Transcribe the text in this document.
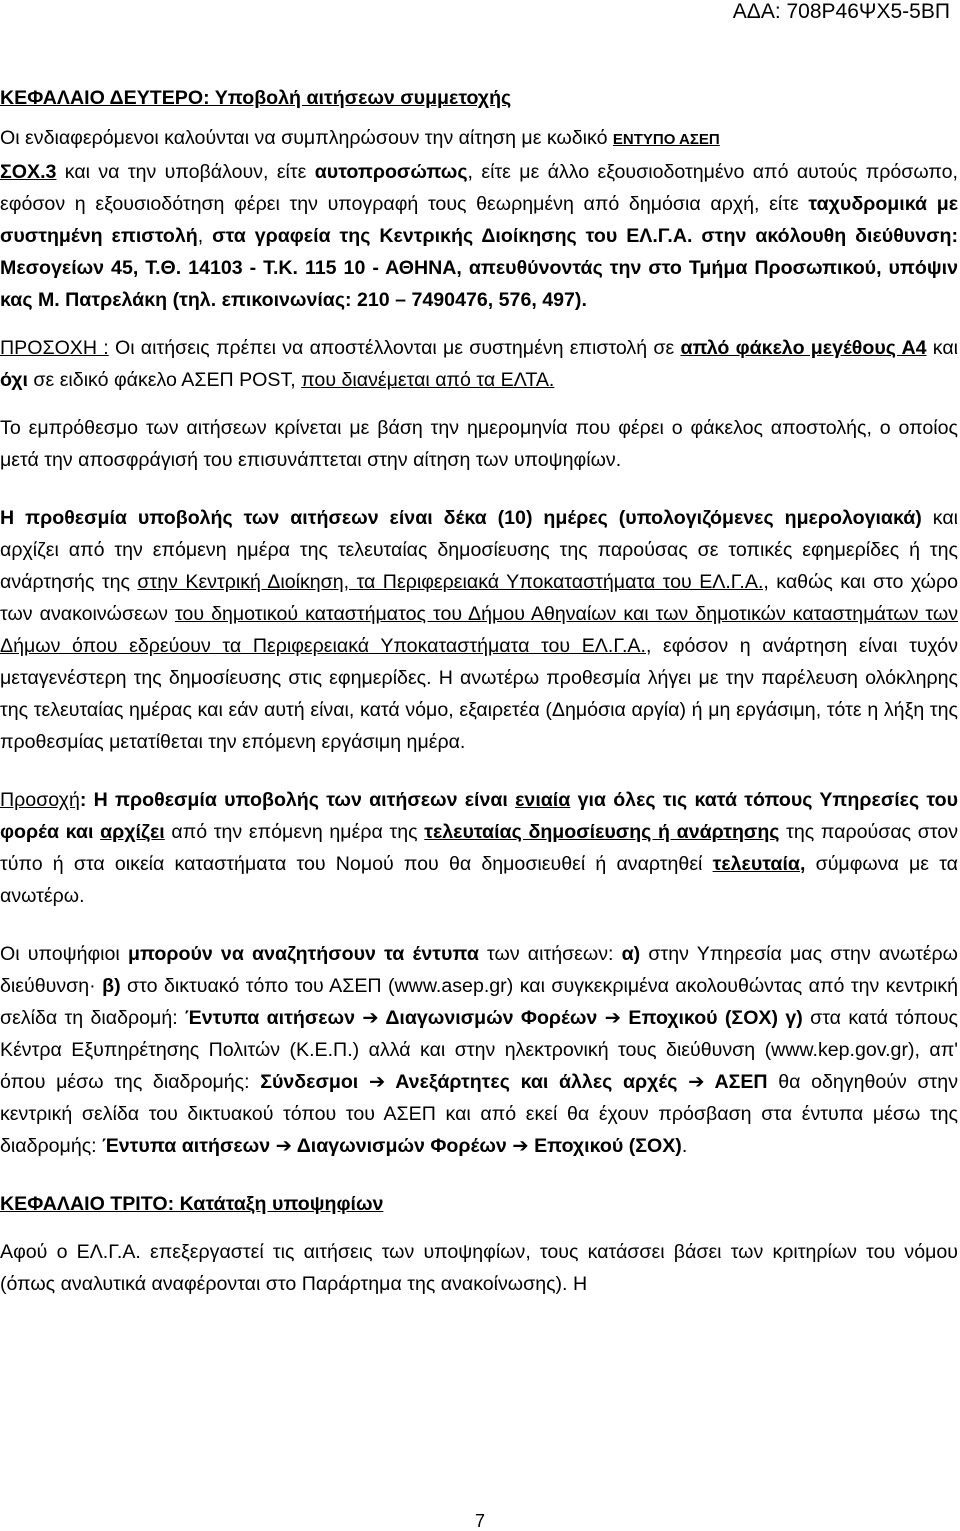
ΑΔΑ: 708Ρ46ΨΧ5-5ΒΠ

ΚΕΦΑΛΑΙΟ ΔΕΥΤΕΡΟ: Υποβολή αιτήσεων συμμετοχής

Οι ενδιαφερόμενοι καλούνται να συμπληρώσουν την αίτηση με κωδικό ΕΝΤΥΠΟ ΑΣΕΠ
ΣΟΧ.3 και να την υποβάλουν, είτε αυτοπροσώπως, είτε με άλλο εξουσιοδοτημένο από αυτούς πρόσωπο, εφόσον η εξουσιοδότηση φέρει την υπογραφή τους θεωρημένη από δημόσια αρχή, είτε ταχυδρομικά με συστημένη επιστολή, στα γραφεία της Κεντρικής Διοίκησης του ΕΛ.Γ.Α. στην ακόλουθη διεύθυνση: Μεσογείων 45, Τ.Θ. 14103 - Τ.Κ. 115 10 - ΑΘΗΝΑ, απευθύνοντάς την στο Τμήμα Προσωπικού, υπόψιν κας Μ. Πατρελάκη (τηλ. επικοινωνίας: 210 – 7490476, 576, 497).

ΠΡΟΣΟΧΗ : Οι αιτήσεις πρέπει να αποστέλλονται με συστημένη επιστολή σε απλό φάκελο μεγέθους Α4 και όχι σε ειδικό φάκελο ΑΣΕΠ POST, που διανέμεται από τα ΕΛΤΑ.

Το εμπρόθεσμο των αιτήσεων κρίνεται με βάση την ημερομηνία που φέρει ο φάκελος αποστολής, ο οποίος μετά την αποσφράγισή του επισυνάπτεται στην αίτηση των υποψηφίων.

Η προθεσμία υποβολής των αιτήσεων είναι δέκα (10) ημέρες (υπολογιζόμενες ημερολογιακά) και αρχίζει από την επόμενη ημέρα της τελευταίας δημοσίευσης της παρούσας σε τοπικές εφημερίδες ή της ανάρτησής της στην Κεντρική Διοίκηση, τα Περιφερειακά Υποκαταστήματα του ΕΛ.Γ.Α., καθώς και στο χώρο των ανακοινώσεων του δημοτικού καταστήματος του Δήμου Αθηναίων και των δημοτικών καταστημάτων των Δήμων όπου εδρεύουν τα Περιφερειακά Υποκαταστήματα του ΕΛ.Γ.Α., εφόσον η ανάρτηση είναι τυχόν μεταγενέστερη της δημοσίευσης στις εφημερίδες. Η ανωτέρω προθεσμία λήγει με την παρέλευση ολόκληρης της τελευταίας ημέρας και εάν αυτή είναι, κατά νόμο, εξαιρετέα (Δημόσια αργία) ή μη εργάσιμη, τότε η λήξη της προθεσμίας μετατίθεται την επόμενη εργάσιμη ημέρα.

Προσοχή: Η προθεσμία υποβολής των αιτήσεων είναι ενιαία για όλες τις κατά τόπους Υπηρεσίες του φορέα και αρχίζει από την επόμενη ημέρα της τελευταίας δημοσίευσης ή ανάρτησης της παρούσας στον τύπο ή στα οικεία καταστήματα του Νομού που θα δημοσιευθεί ή αναρτηθεί τελευταία, σύμφωνα με τα ανωτέρω.

Οι υποψήφιοι μπορούν να αναζητήσουν τα έντυπα των αιτήσεων: α) στην Υπηρεσία μας στην ανωτέρω διεύθυνση· β) στο δικτυακό τόπο του ΑΣΕΠ (www.asep.gr) και συγκεκριμένα ακολουθώντας από την κεντρική σελίδα τη διαδρομή: Έντυπα αιτήσεων ➔ Διαγωνισμών Φορέων ➔ Εποχικού (ΣΟΧ) γ) στα κατά τόπους Κέντρα Εξυπηρέτησης Πολιτών (Κ.Ε.Π.) αλλά και στην ηλεκτρονική τους διεύθυνση (www.kep.gov.gr), απ' όπου μέσω της διαδρομής: Σύνδεσμοι ➔ Ανεξάρτητες και άλλες αρχές ➔ ΑΣΕΠ θα οδηγηθούν στην κεντρική σελίδα του δικτυακού τόπου του ΑΣΕΠ και από εκεί θα έχουν πρόσβαση στα έντυπα μέσω της διαδρομής: Έντυπα αιτήσεων ➔ Διαγωνισμών Φορέων ➔ Εποχικού (ΣΟΧ).

ΚΕΦΑΛΑΙΟ ΤΡΙΤΟ: Κατάταξη υποψηφίων

Αφού ο ΕΛ.Γ.Α. επεξεργαστεί τις αιτήσεις των υποψηφίων, τους κατάσσει βάσει των κριτηρίων του νόμου (όπως αναλυτικά αναφέρονται στο Παράρτημα της ανακοίνωσης). Η

7
